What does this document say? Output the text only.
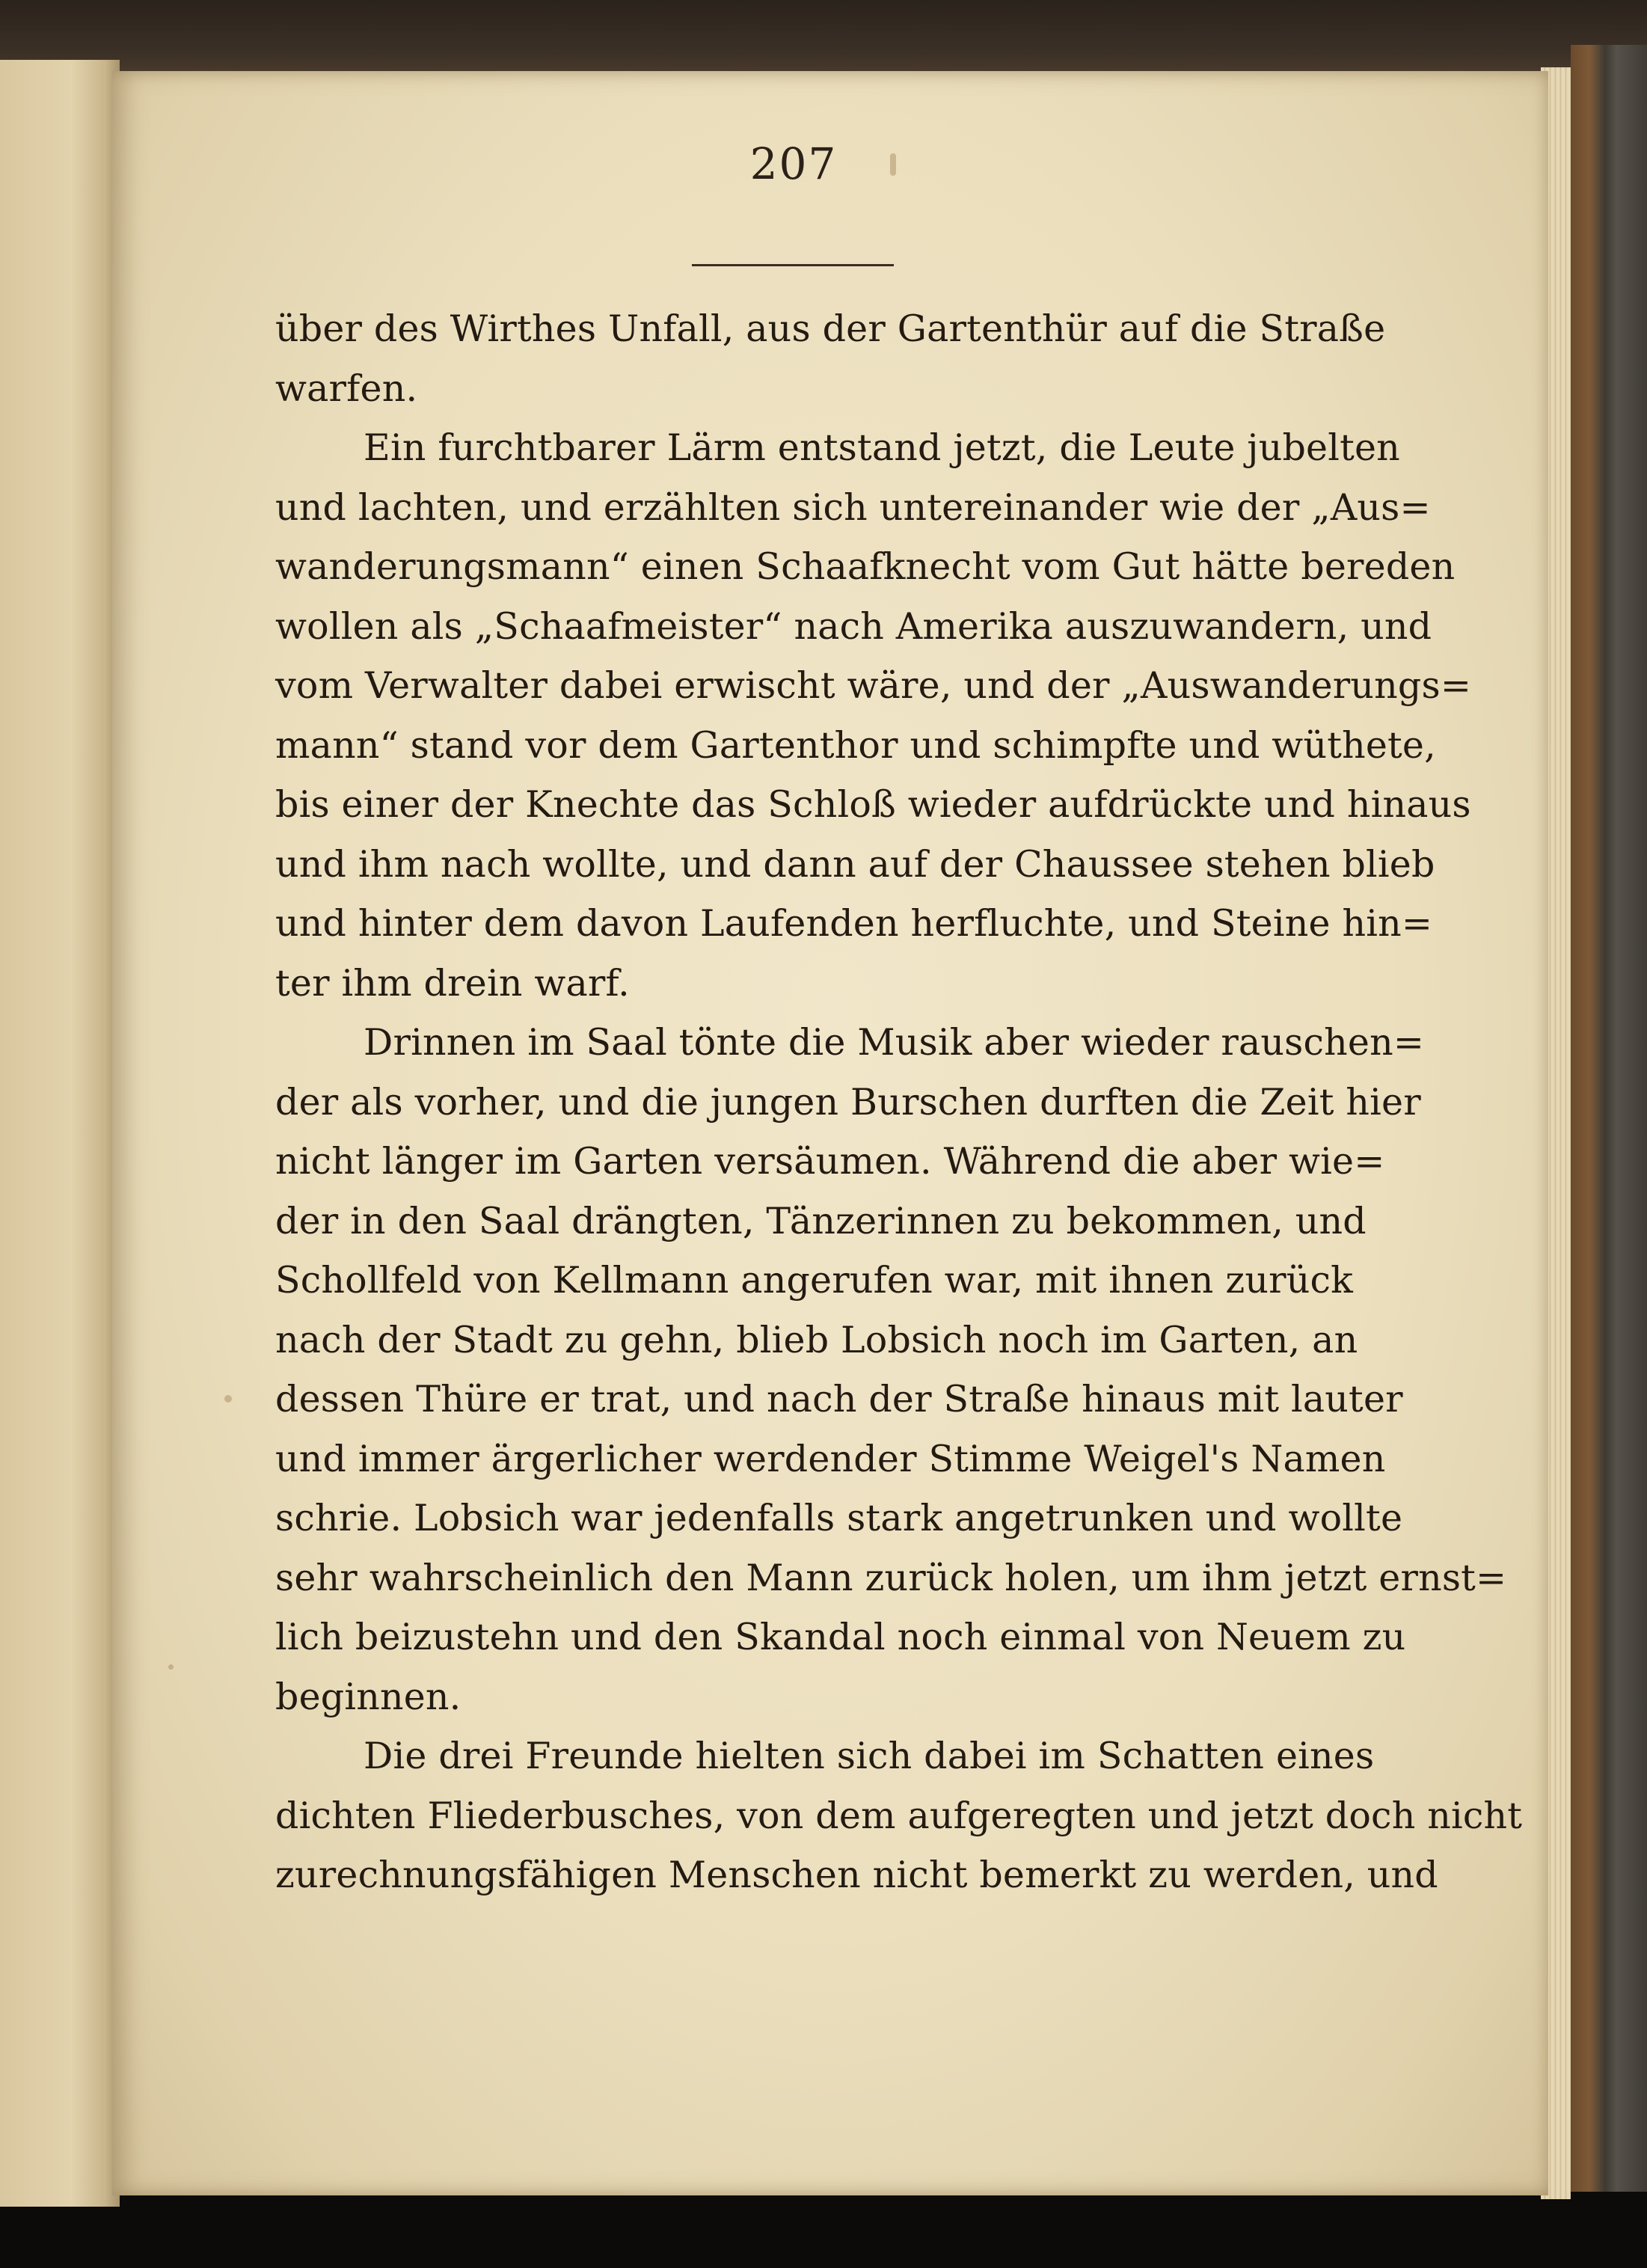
207
über des Wirthes Unfall, aus der Gartenthür auf die Straße
warfen.
Ein furchtbarer Lärm entstand jetzt, die Leute jubelten
und lachten, und erzählten sich untereinander wie der „Aus=
wanderungsmann“ einen Schaafknecht vom Gut hätte bereden
wollen als „Schaafmeister“ nach Amerika auszuwandern, und
vom Verwalter dabei erwischt wäre, und der „Auswanderungs=
mann“ stand vor dem Gartenthor und schimpfte und wüthete,
bis einer der Knechte das Schloß wieder aufdrückte und hinaus
und ihm nach wollte, und dann auf der Chaussee stehen blieb
und hinter dem davon Laufenden herfluchte, und Steine hin=
ter ihm drein warf.
Drinnen im Saal tönte die Musik aber wieder rauschen=
der als vorher, und die jungen Burschen durften die Zeit hier
nicht länger im Garten versäumen. Während die aber wie=
der in den Saal drängten, Tänzerinnen zu bekommen, und
Schollfeld von Kellmann angerufen war, mit ihnen zurück
nach der Stadt zu gehn, blieb Lobsich noch im Garten, an
dessen Thüre er trat, und nach der Straße hinaus mit lauter
und immer ärgerlicher werdender Stimme Weigel's Namen
schrie. Lobsich war jedenfalls stark angetrunken und wollte
sehr wahrscheinlich den Mann zurück holen, um ihm jetzt ernst=
lich beizustehn und den Skandal noch einmal von Neuem zu
beginnen.
Die drei Freunde hielten sich dabei im Schatten eines
dichten Fliederbusches, von dem aufgeregten und jetzt doch nicht
zurechnungsfähigen Menschen nicht bemerkt zu werden, und
